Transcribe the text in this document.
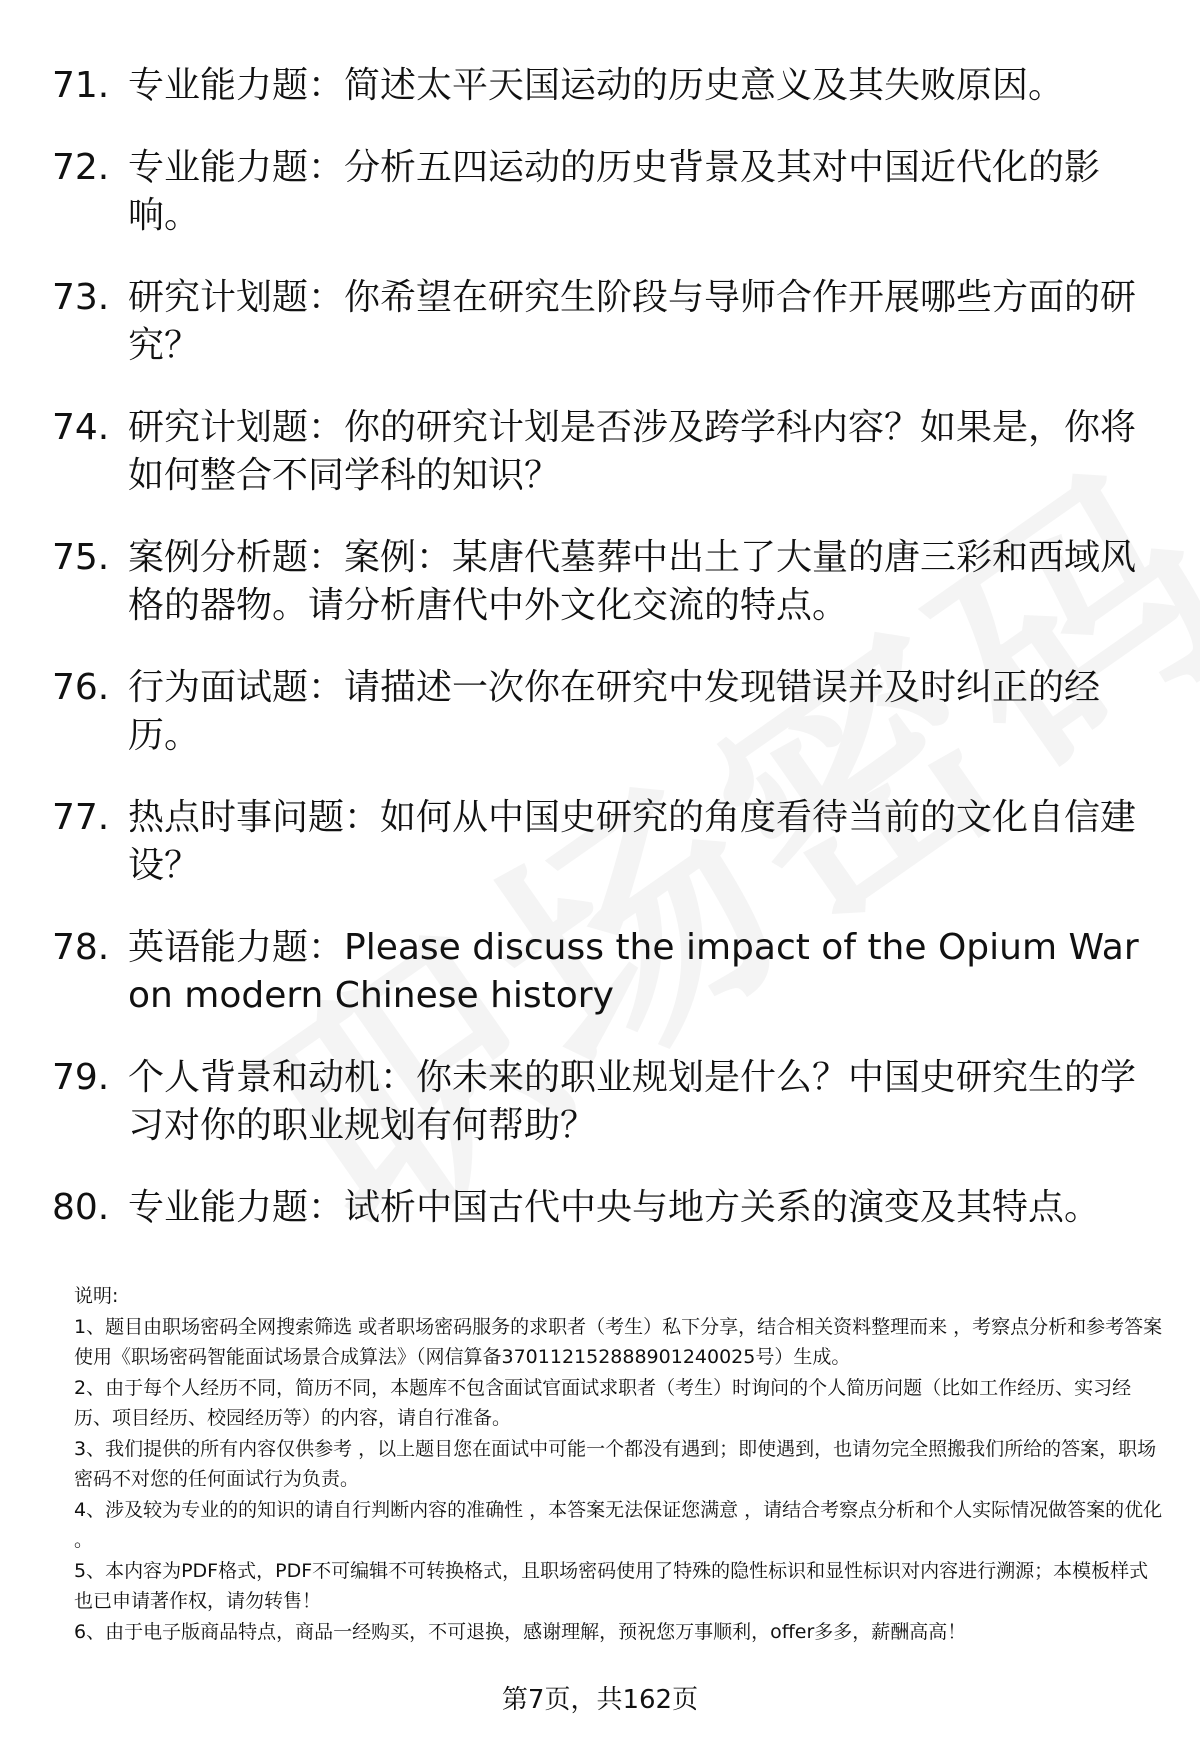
71. 专业能力题：简述太平天国运动的历史意义及其失败原因。
72. 专业能力题：分析五四运动的历史背景及其对中国近代化的影响。
73. 研究计划题：你希望在研究生阶段与导师合作开展哪些方面的研究？
74. 研究计划题：你的研究计划是否涉及跨学科内容？如果是，你将如何整合不同学科的知识？
75. 案例分析题：案例：某唐代墓葬中出土了大量的唐三彩和西域风格的器物。请分析唐代中外文化交流的特点。
76. 行为面试题：请描述一次你在研究中发现错误并及时纠正的经历。
77. 热点时事问题：如何从中国史研究的角度看待当前的文化自信建设？
78. 英语能力题：Please discuss the impact of the Opium War on modern Chinese history
79. 个人背景和动机：你未来的职业规划是什么？中国史研究生的学习对你的职业规划有何帮助？
80. 专业能力题：试析中国古代中央与地方关系的演变及其特点。

说明:

1、题目由职场密码全网搜索筛选 或者职场密码服务的求职者（考生）私下分享，结合相关资料整理而来 ，考察点分析和参考答案使用《职场密码智能面试场景合成算法》（网信算备370112152888901240025号）生成。

2、由于每个人经历不同，简历不同，本题库不包含面试官面试求职者（考生）时询问的个人简历问题（比如工作经历、实习经历、项目经历、校园经历等）的内容，请自行准备。

3、我们提供的所有内容仅供参考 ，以上题目您在面试中可能一个都没有遇到；即使遇到，也请勿完全照搬我们所给的答案，职场密码不对您的任何面试行为负责。

4、涉及较为专业的的知识的请自行判断内容的准确性 ，本答案无法保证您满意 ，请结合考察点分析和个人实际情况做答案的优化 。

5、本内容为PDF格式，PDF不可编辑不可转换格式，且职场密码使用了特殊的隐性标识和显性标识对内容进行溯源；本模板样式也已申请著作权，请勿转售！

6、由于电子版商品特点，商品一经购买，不可退换，感谢理解，预祝您万事顺利，offer多多，薪酬高高！

第7页，共162页
